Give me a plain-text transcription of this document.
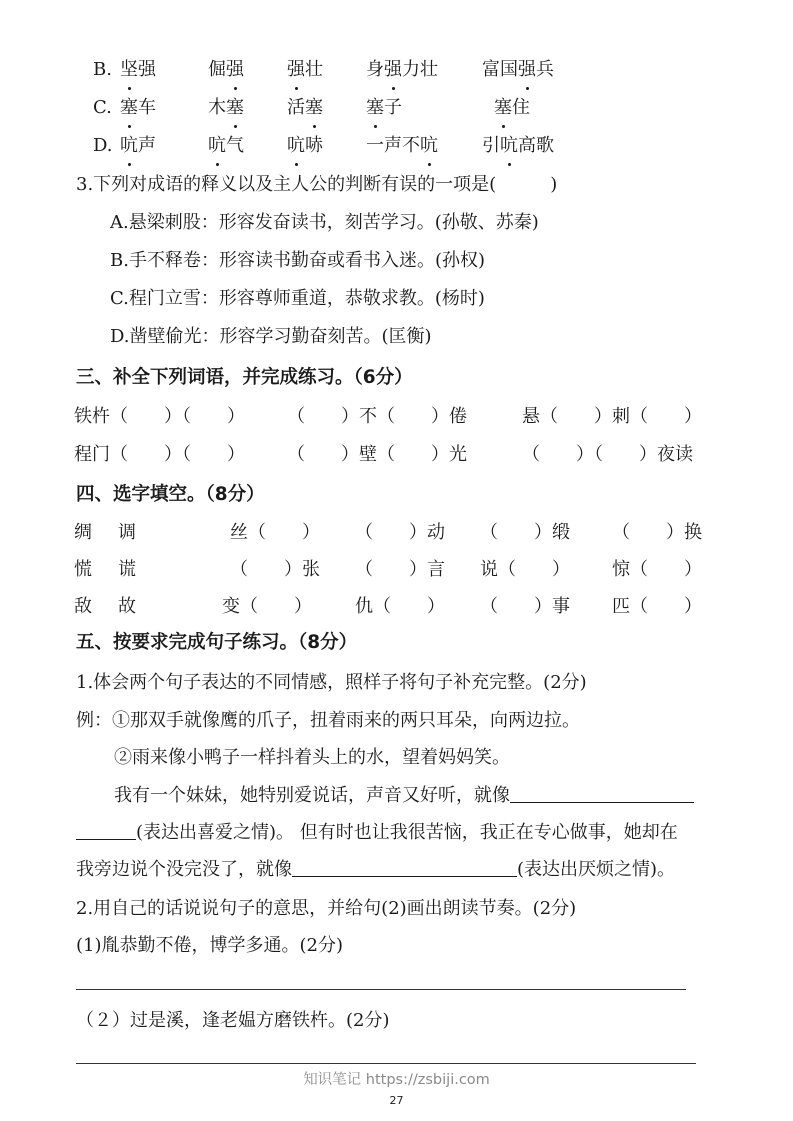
B. 坚强	倔强 强壮 身强力壮 富国强兵
C. 塞车	木塞 活塞 塞子	塞住
D. 吭声	吭气 吭哧 一声不吭 引吭高歌
3.下列对成语的释义以及主人公的判断有误的一项是(　　　)
A.悬梁刺股：形容发奋读书，刻苦学习。(孙敬、苏秦)
B.手不释卷：形容读书勤奋或看书入迷。(孙权)
C.程门立雪：形容尊师重道，恭敬求教。(杨时)
D.凿壁偷光：形容学习勤奋刻苦。(匡衡)
三、补全下列词语，并完成练习。（6分）
铁杵（　　）（　　） （　　）不（　　）倦	悬（　　）刺（　　）
程门（　　）（　　） （　　）壁（　　）光	（　　）（　　）夜读
四、选字填空。（8分）
绸　调	丝（　　） （　　）动 （　　）缎 （　　）换
慌　谎	（　　）张 （　　）言 说（　　） 惊（　　）
敌　故	变（　　） 仇（　　） （　　）事 匹（　　）
五、按要求完成句子练习。（8分）
1.体会两个句子表达的不同情感，照样子将句子补充完整。(2分)
例：①那双手就像鹰的爪子，扭着雨来的两只耳朵，向两边拉。
②雨来像小鸭子一样抖着头上的水，望着妈妈笑。
我有一个妹妹，她特别爱说话，声音又好听，就像
(表达出喜爱之情)。 但有时也让我很苦恼，我正在专心做事，她却在
我旁边说个没完没了，就像	(表达出厌烦之情)。
2.用自己的话说说句子的意思，并给句(2)画出朗读节奏。(2分)
(1)胤恭勤不倦，博学多通。(2分)
（２）过是溪，逢老媪方磨铁杵。(2分)
知识笔记 https://zsbiji.com
27
